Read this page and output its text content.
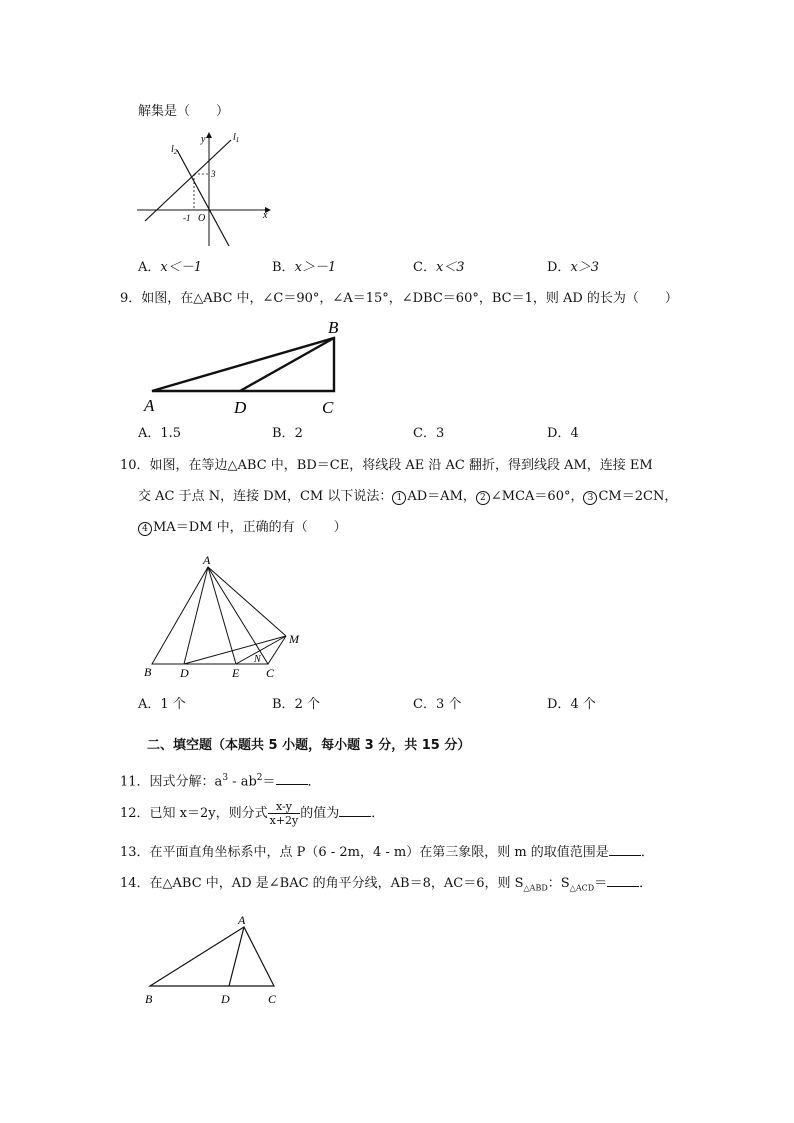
解集是（　　）
y	$l_1$
$l_2$
3
-1 O	x
A．x＜－1	B．x＞－1	C．x＜3	D．x＞3
9．如图，在△ABC 中，∠C＝90°，∠A＝15°，∠DBC＝60°，BC＝1，则 AD 的长为（　　）
A
B
C
D
A．1.5	B．2	C．3	D．4
10．如图，在等边△ABC 中，BD＝CE，将线段 AE 沿 AC 翻折，得到线段 AM，连接 EM
交 AC 于点 N，连接 DM，CM 以下说法： 1 AD＝AM， 2 ∠MCA＝60°， 3 CM＝2CN，
4 MA＝DM 中，正确的有（　　）
A
B D	E C
M
N
A．1 个	B．2 个	C．3 个	D．4 个
二、填空题（本题共 5 小题，每小题 3 分，共 15 分）
11．因式分解：$a^3 - ab^2=$ ．
12．已知 x＝2y，则分式 $\frac{x-y}{x+2y}$ 的值为 ．
13．在平面直角坐标系中，点 P（6 - 2m，4 - m）在第三象限，则 m 的取值范围是 ．
14．在△ABC 中，AD 是∠BAC 的角平分线，AB＝8，AC＝6，则 $S_{\triangle ABD}$：$S_{\triangle ACD}=$ ．
A
B	D	C
